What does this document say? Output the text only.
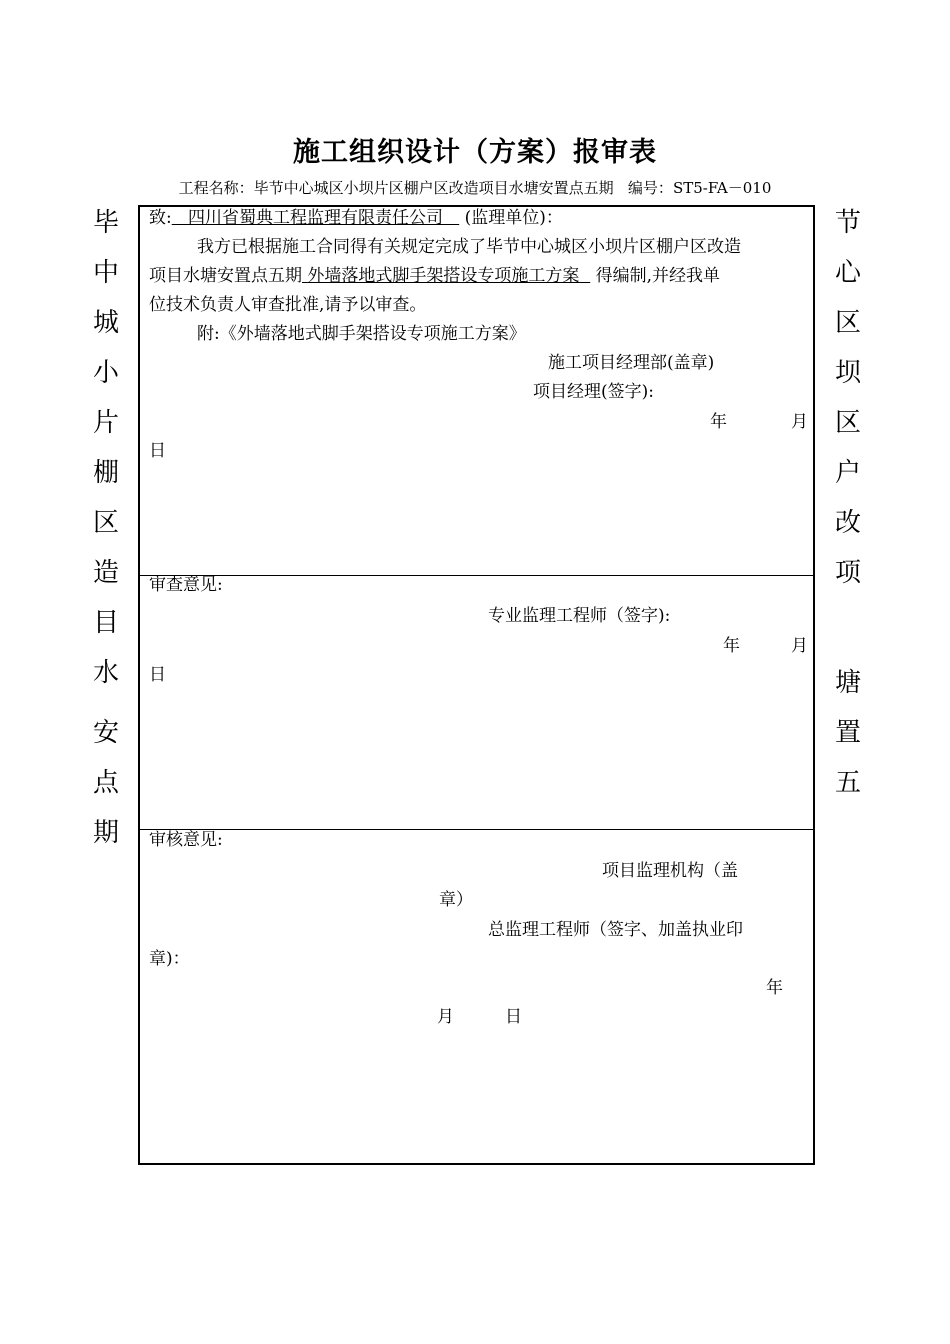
施工组织设计（方案）报审表
工程名称：毕节中心城区小坝片区棚户区改造项目水塘安置点五期 编号：ST5-FA－010
毕
中
城
小
片
棚
区
造
目
水
安
点
期
节
心
区
坝
区
户
改
项
塘
置
五
致: 四川省蜀典工程监理有限责任公司 (监理单位)：
我方已根据施工合同得有关规定完成了毕节中心城区小坝片区棚户区改造
项目水塘安置点五期 外墙落地式脚手架搭设专项施工方案 得编制,并经我单
位技术负责人审查批准,请予以审查。
附:《外墙落地式脚手架搭设专项施工方案》
施工项目经理部(盖章)
项目经理(签字):
年	月
日
审查意见:
专业监理工程师（签字):
年	月
日
审核意见:
项目监理机构（盖
章）
总监理工程师（签字、加盖执业印
章)：
年
月	日
